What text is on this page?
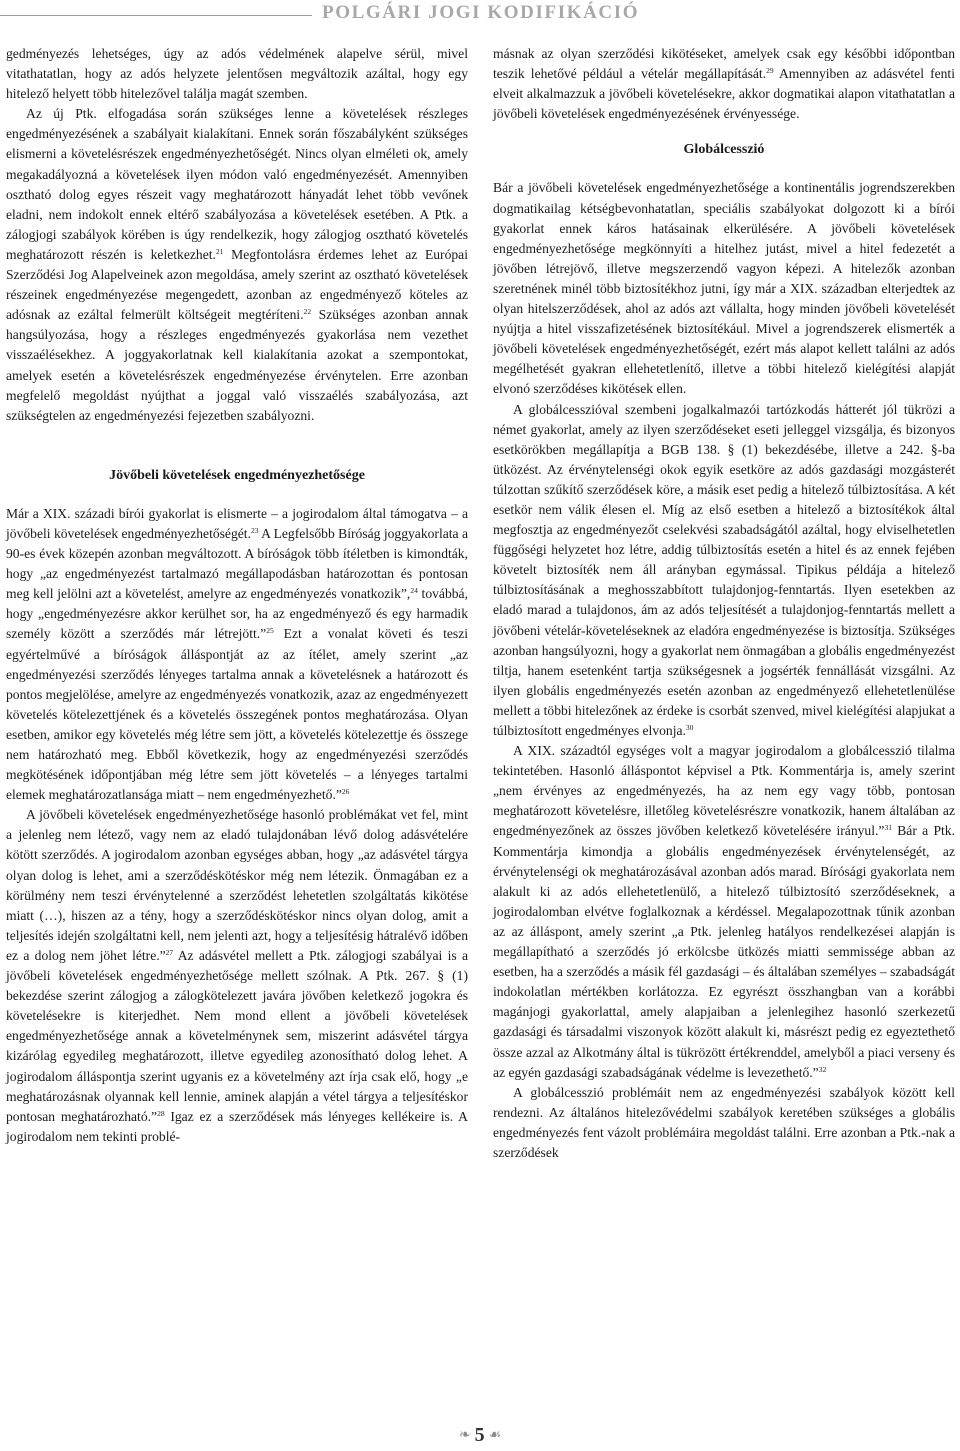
POLGÁRI JOGI KODIFIKÁCIÓ

gedményezés lehetséges, úgy az adós védelmének alapelve sérül, mivel vitathatatlan, hogy az adós helyzete jelentősen megváltozik azáltal, hogy egy hitelező helyett több hitelezővel találja magát szemben.

Az új Ptk. elfogadása során szükséges lenne a követelések részleges engedményezésének a szabályait kialakítani. Ennek során főszabályként szükséges elismerni a követelésrészek engedményezhetőségét. Nincs olyan elméleti ok, amely megakadályozná a követelések ilyen módon való engedményezését. Amennyiben osztható dolog egyes részeit vagy meghatározott hányadát lehet több vevőnek eladni, nem indokolt ennek eltérő szabályozása a követelések esetében. A Ptk. a zálogjogi szabályok körében is úgy rendelkezik, hogy zálogjog osztható követelés meghatározott részén is keletkezhet.$^{21}$ Megfontolásra érdemes lehet az Európai Szerződési Jog Alapelveinek azon megoldása, amely szerint az osztható követelések részeinek engedményezése megengedett, azonban az engedményező köteles az adósnak az ezáltal felmerült költségeit megtéríteni.$^{22}$ Szükséges azonban annak hangsúlyozása, hogy a részleges engedményezés gyakorlása nem vezethet visszaélésekhez. A joggyakorlatnak kell kialakítania azokat a szempontokat, amelyek esetén a követelésrészek engedményezése érvénytelen. Erre azonban megfelelő megoldást nyújthat a joggal való visszaélés szabályozása, azt szükségtelen az engedményezési fejezetben szabályozni.

Jövőbeli követelések engedményezhetősége

Már a XIX. századi bírói gyakorlat is elismerte – a jogirodalom által támogatva – a jövőbeli követelések engedményezhetőségét.$^{23}$ A Legfelsőbb Bíróság joggyakorlata a 90-es évek közepén azonban megváltozott. A bíróságok több ítéletben is kimondták, hogy „az engedményezést tartalmazó megállapodásban határozottan és pontosan meg kell jelölni azt a követelést, amelyre az engedményezés vonatkozik”,$^{24}$ továbbá, hogy „engedményezésre akkor kerülhet sor, ha az engedményező és egy harmadik személy között a szerződés már létrejött.”$^{25}$ Ezt a vonalat követi és teszi egyértelművé a bíróságok álláspontját az az ítélet, amely szerint „az engedményezési szerződés lényeges tartalma annak a követelésnek a határozott és pontos megjelölése, amelyre az engedményezés vonatkozik, azaz az engedményezett követelés kötelezettjének és a követelés összegének pontos meghatározása. Olyan esetben, amikor egy követelés még létre sem jött, a követelés kötelezettje és összege nem határozható meg. Ebből következik, hogy az engedményezési szerződés megkötésének időpontjában még létre sem jött követelés – a lényeges tartalmi elemek meghatározatlansága miatt – nem engedményezhető.”$^{26}$

A jövőbeli követelések engedményezhetősége hasonló problémákat vet fel, mint a jelenleg nem létező, vagy nem az eladó tulajdonában lévő dolog adásvételére kötött szerződés. A jogirodalom azonban egységes abban, hogy „az adásvétel tárgya olyan dolog is lehet, ami a szerződéskötéskor még nem létezik. Önmagában ez a körülmény nem teszi érvénytelenné a szerződést lehetetlen szolgáltatás kikötése miatt (…), hiszen az a tény, hogy a szerződéskötéskor nincs olyan dolog, amit a teljesítés idején szolgáltatni kell, nem jelenti azt, hogy a teljesítésig hátralévő időben ez a dolog nem jöhet létre.”$^{27}$ Az adásvétel mellett a Ptk. zálogjogi szabályai is a jövőbeli követelések engedményezhetősége mellett szólnak. A Ptk. 267. § (1) bekezdése szerint zálogjog a zálogkötelezett javára jövőben keletkező jogokra és követelésekre is kiterjedhet. Nem mond ellent a jövőbeli követelések engedményezhetősége annak a követelménynek sem, miszerint adásvétel tárgya kizárólag egyedileg meghatározott, illetve egyedileg azonosítható dolog lehet. A jogirodalom álláspontja szerint ugyanis ez a követelmény azt írja csak elő, hogy „e meghatározásnak olyannak kell lennie, aminek alapján a vétel tárgya a teljesítéskor pontosan meghatározható.”$^{28}$ Igaz ez a szerződések más lényeges kellékeire is. A jogirodalom nem tekinti problé-

másnak az olyan szerződési kikötéseket, amelyek csak egy későbbi időpontban teszik lehetővé például a vételár megállapítását.$^{29}$ Amennyiben az adásvétel fenti elveit alkalmazzuk a jövőbeli követelésekre, akkor dogmatikai alapon vitathatatlan a jövőbeli követelések engedményezésének érvényessége.

Globálcesszió

Bár a jövőbeli követelések engedményezhetősége a kontinentális jogrendszerekben dogmatikailag kétségbevonhatatlan, speciális szabályokat dolgozott ki a bírói gyakorlat ennek káros hatásainak elkerülésére. A jövőbeli követelések engedményezhetősége megkönnyíti a hitelhez jutást, mivel a hitel fedezetét a jövőben létrejövő, illetve megszerzendő vagyon képezi. A hitelezők azonban szeretnének minél több biztosítékhoz jutni, így már a XIX. században elterjedtek az olyan hitelszerződések, ahol az adós azt vállalta, hogy minden jövőbeli követelését nyújtja a hitel visszafizetésének biztosítékául. Mivel a jogrendszerek elismerték a jövőbeli követelések engedményezhetőségét, ezért más alapot kellett találni az adós megélhetését gyakran ellehetetlenítő, illetve a többi hitelező kielégítési alapját elvonó szerződéses kikötések ellen.

A globálcesszióval szembeni jogalkalmazói tartózkodás hátterét jól tükrözi a német gyakorlat, amely az ilyen szerződéseket eseti jelleggel vizsgálja, és bizonyos esetkörökben megállapítja a BGB 138. § (1) bekezdésébe, illetve a 242. §-ba ütközést. Az érvénytelenségi okok egyik esetköre az adós gazdasági mozgásterét túlzottan szűkítő szerződések köre, a másik eset pedig a hitelező túlbiztosítása. A két esetkör nem válik élesen el. Míg az első esetben a hitelező a biztosítékok által megfosztja az engedményezőt cselekvési szabadságától azáltal, hogy elviselhetetlen függőségi helyzetet hoz létre, addig túlbiztosítás esetén a hitel és az ennek fejében követelt biztosíték nem áll arányban egymással. Tipikus példája a hitelező túlbiztosításának a meghosszabbított tulajdonjog-fenntartás. Ilyen esetekben az eladó marad a tulajdonos, ám az adós teljesítését a tulajdonjog-fenntartás mellett a jövőbeni vételár-követeléseknek az eladóra engedményezése is biztosítja. Szükséges azonban hangsúlyozni, hogy a gyakorlat nem önmagában a globális engedményezést tiltja, hanem esetenként tartja szükségesnek a jogsérték fennállását vizsgálni. Az ilyen globális engedményezés esetén azonban az engedményező ellehetetlenülése mellett a többi hitelezőnek az érdeke is csorbát szenved, mivel kielégítési alapjukat a túlbiztosított engedményes elvonja.$^{30}$

A XIX. századtól egységes volt a magyar jogirodalom a globálcesszió tilalma tekintetében. Hasonló álláspontot képvisel a Ptk. Kommentárja is, amely szerint „nem érvényes az engedményezés, ha az nem egy vagy több, pontosan meghatározott követelésre, illetőleg követelésrészre vonatkozik, hanem általában az engedményezőnek az összes jövőben keletkező követelésére irányul.”$^{31}$ Bár a Ptk. Kommentárja kimondja a globális engedményezések érvénytelenségét, az érvénytelenségi ok meghatározásával azonban adós marad. Bírósági gyakorlata nem alakult ki az adós ellehetetlenülő, a hitelező túlbiztosító szerződéseknek, a jogirodalomban elvétve foglalkoznak a kérdéssel. Megalapozottnak tűnik azonban az az álláspont, amely szerint „a Ptk. jelenleg hatályos rendelkezései alapján is megállapítható a szerződés jó erkölcsbe ütközés miatti semmissége abban az esetben, ha a szerződés a másik fél gazdasági – és általában személyes – szabadságát indokolatlan mértékben korlátozza. Ez egyrészt összhangban van a korábbi magánjogi gyakorlattal, amely alapjaiban a jelenlegihez hasonló szerkezetű gazdasági és társadalmi viszonyok között alakult ki, másrészt pedig ez egyeztethető össze azzal az Alkotmány által is tükrözött értékrenddel, amelyből a piaci verseny és az egyén gazdasági szabadságának védelme is levezethető.”$^{32}$

A globálcesszió problémáit nem az engedményezési szabályok között kell rendezni. Az általános hitelezővédelmi szabályok keretében szükséges a globális engedményezés fent vázolt problémáira megoldást találni. Erre azonban a Ptk.-nak a szerződések

❧ 5 ☙
